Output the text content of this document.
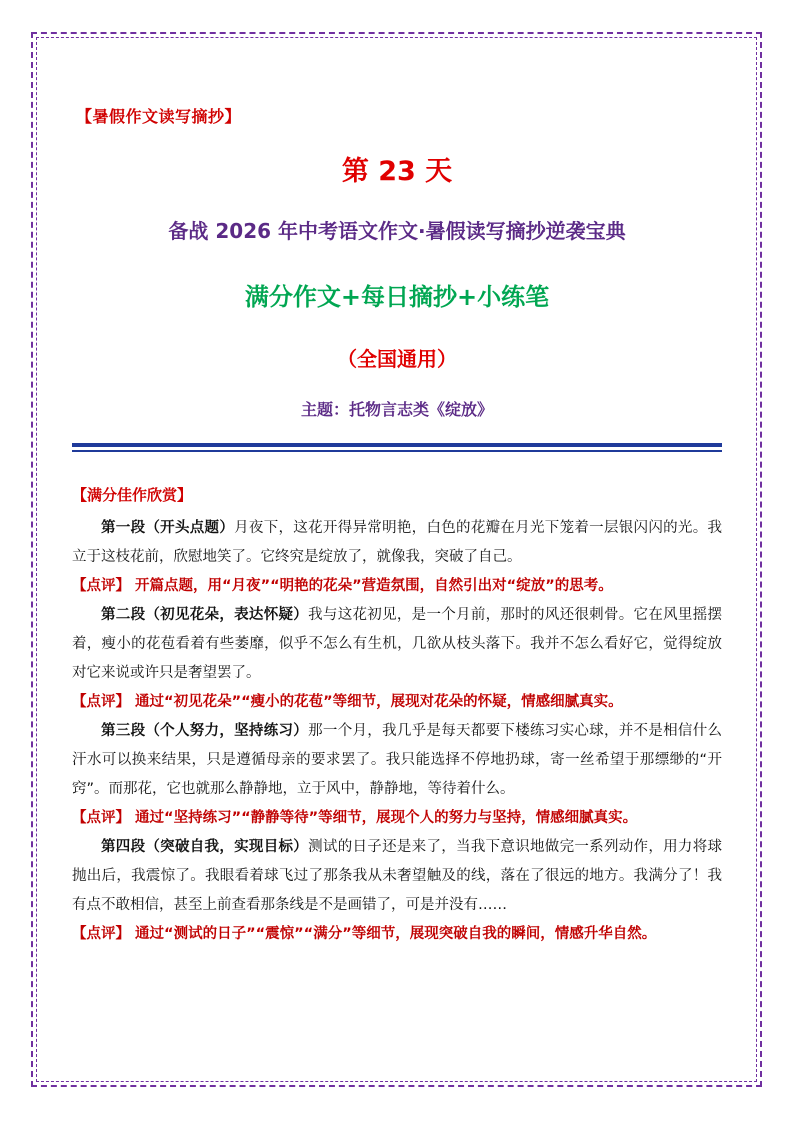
【暑假作文读写摘抄】
第 23 天
备战 2026 年中考语文作文·暑假读写摘抄逆袭宝典
满分作文+每日摘抄+小练笔
（全国通用）
主题：托物言志类《绽放》
【满分佳作欣赏】

第一段（开头点题）月夜下，这花开得异常明艳，白色的花瓣在月光下笼着一层银闪闪的光。我立于这枝花前，欣慰地笑了。它终究是绽放了，就像我，突破了自己。

【点评】 开篇点题，用“月夜”“明艳的花朵”营造氛围，自然引出对“绽放”的思考。

第二段（初见花朵，表达怀疑）我与这花初见，是一个月前，那时的风还很刺骨。它在风里摇摆着，瘦小的花苞看着有些萎靡，似乎不怎么有生机，几欲从枝头落下。我并不怎么看好它，觉得绽放对它来说或许只是奢望罢了。

【点评】 通过“初见花朵”“瘦小的花苞”等细节，展现对花朵的怀疑，情感细腻真实。

第三段（个人努力，坚持练习）那一个月，我几乎是每天都要下楼练习实心球，并不是相信什么汗水可以换来结果，只是遵循母亲的要求罢了。我只能选择不停地扔球，寄一丝希望于那缥缈的“开窍”。而那花，它也就那么静静地，立于风中，静静地，等待着什么。

【点评】 通过“坚持练习”“静静等待”等细节，展现个人的努力与坚持，情感细腻真实。

第四段（突破自我，实现目标）测试的日子还是来了，当我下意识地做完一系列动作，用力将球抛出后，我震惊了。我眼看着球飞过了那条我从未奢望触及的线，落在了很远的地方。我满分了！我有点不敢相信，甚至上前查看那条线是不是画错了，可是并没有……

【点评】 通过“测试的日子”“震惊”“满分”等细节，展现突破自我的瞬间，情感升华自然。
